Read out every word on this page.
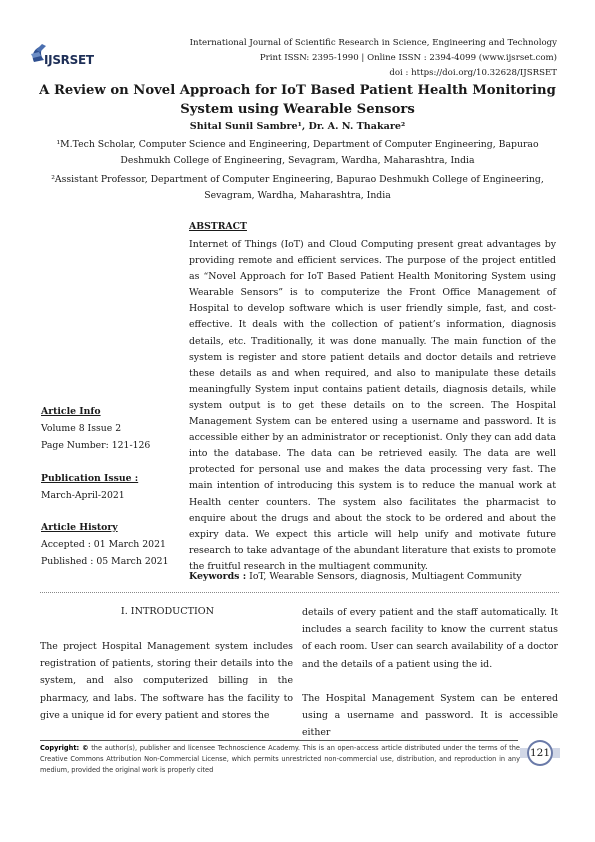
IJSRSET
International Journal of Scientific Research in Science, Engineering and Technology
Print ISSN: 2395-1990 | Online ISSN : 2394-4099 (www.ijsrset.com)
doi : https://doi.org/10.32628/IJSRSET
A Review on Novel Approach for IoT Based Patient Health Monitoring System using Wearable Sensors
Shital Sunil Sambre¹, Dr. A. N. Thakare²
¹M.Tech Scholar, Computer Science and Engineering, Department of Computer Engineering, Bapurao Deshmukh College of Engineering, Sevagram, Wardha, Maharashtra, India
²Assistant Professor, Department of Computer Engineering, Bapurao Deshmukh College of Engineering, Sevagram, Wardha, Maharashtra, India
ABSTRACT

Internet of Things (IoT) and Cloud Computing present great advantages by providing remote and efficient services. The purpose of the project entitled as “Novel Approach for IoT Based Patient Health Monitoring System using Wearable Sensors” is to computerize the Front Office Management of Hospital to develop software which is user friendly simple, fast, and cost-effective. It deals with the collection of patient’s information, diagnosis details, etc. Traditionally, it was done manually. The main function of the system is register and store patient details and doctor details and retrieve these details as and when required, and also to manipulate these details meaningfully System input contains patient details, diagnosis details, while system output is to get these details on to the screen. The Hospital Management System can be entered using a username and password. It is accessible either by an administrator or receptionist. Only they can add data into the database. The data can be retrieved easily. The data are well protected for personal use and makes the data processing very fast. The main intention of introducing this system is to reduce the manual work at Health center counters. The system also facilitates the pharmacist to enquire about the drugs and about the stock to be ordered and about the expiry data. We expect this article will help unify and motivate future research to take advantage of the abundant literature that exists to promote the fruitful research in the multiagent community.

Keywords : IoT, Wearable Sensors, diagnosis, Multiagent Community
Article Info
Volume 8 Issue 2
Page Number: 121-126
Publication Issue :
March-April-2021
Article History
Accepted : 01 March 2021
Published : 05 March 2021
I. INTRODUCTION

The project Hospital Management system includes registration of patients, storing their details into the system, and also computerized billing in the pharmacy, and labs. The software has the facility to give a unique id for every patient and stores the

details of every patient and the staff automatically. It includes a search facility to know the current status of each room. User can search availability of a doctor and the details of a patient using the id.

The Hospital Management System can be entered using a username and password. It is accessible either

Copyright: © the author(s), publisher and licensee Technoscience Academy. This is an open-access article distributed under the terms of the Creative Commons Attribution Non-Commercial License, which permits unrestricted non-commercial use, distribution, and reproduction in any medium, provided the original work is properly cited
121
